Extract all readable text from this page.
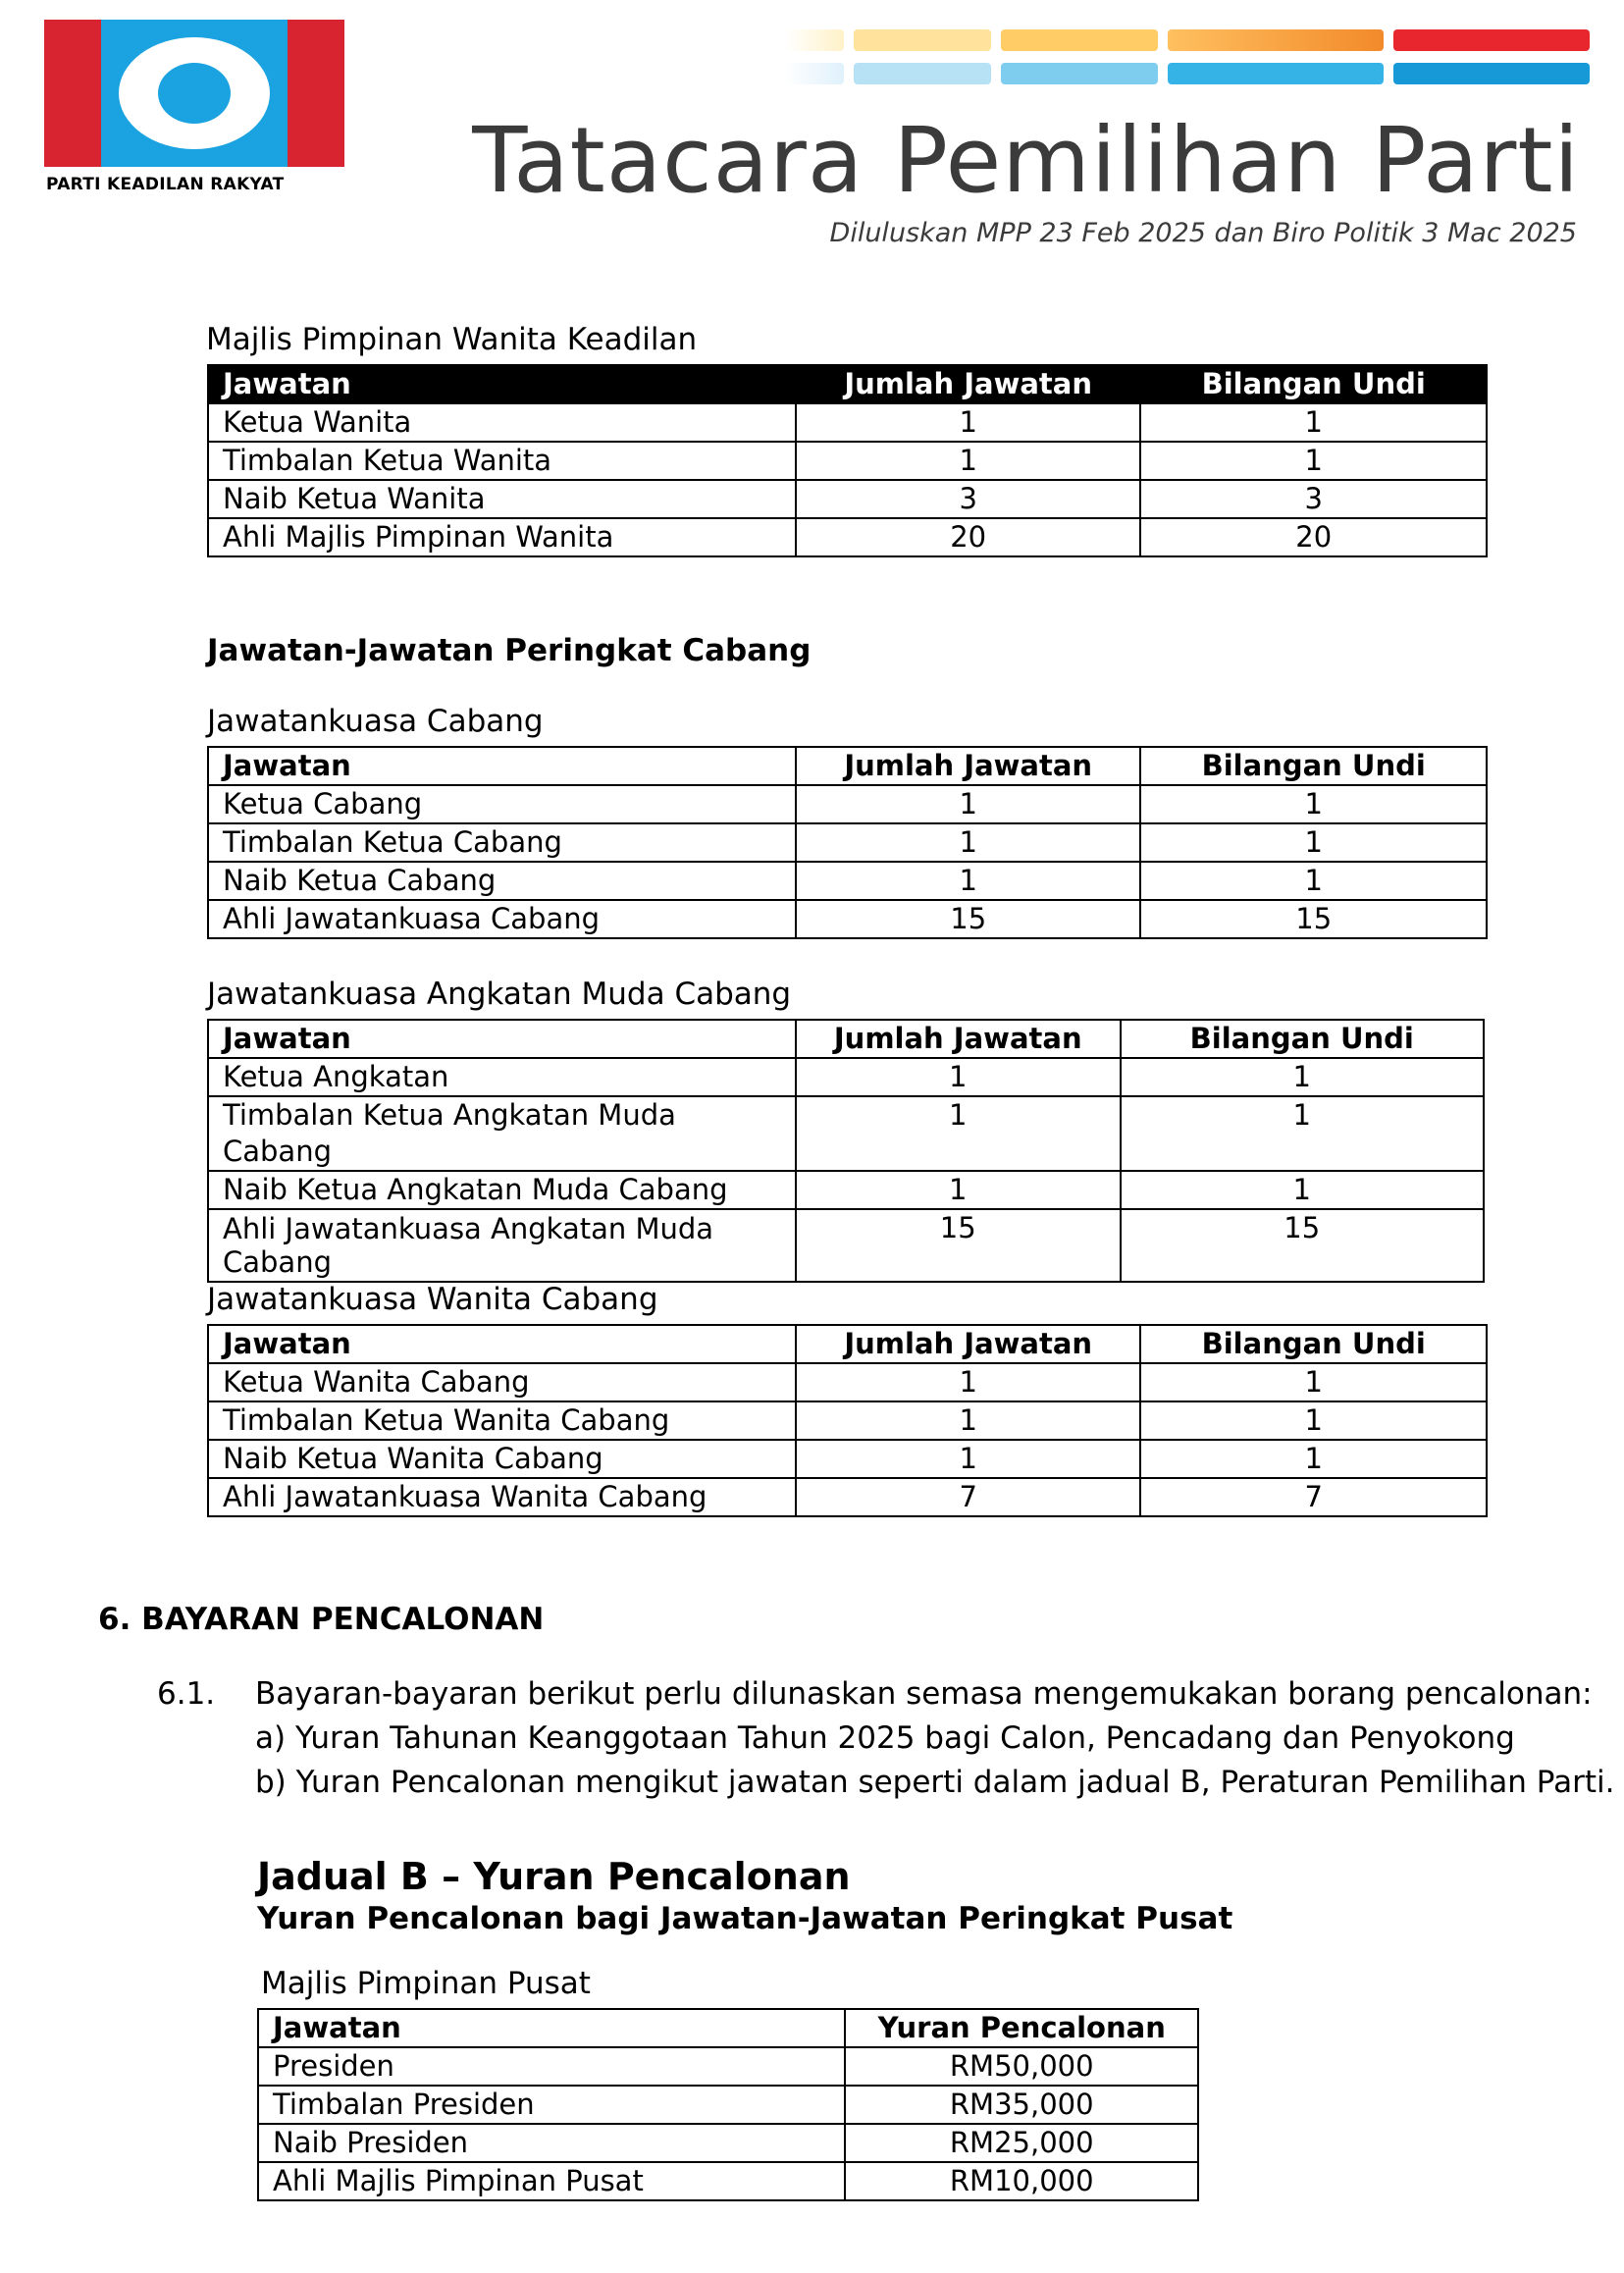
PARTI KEADILAN RAKYAT Tatacara Pemilihan Parti
Diluluskan MPP 23 Feb 2025 dan Biro Politik 3 Mac 2025
Majlis Pimpinan Wanita Keadilan
Jawatan	Jumlah Jawatan	Bilangan Undi
Ketua Wanita	1	1
Timbalan Ketua Wanita	1	1
Naib Ketua Wanita	3	3
Ahli Majlis Pimpinan Wanita	20	20
Jawatan-Jawatan Peringkat Cabang
Jawatankuasa Cabang
Jawatan	Jumlah Jawatan	Bilangan Undi
Ketua Cabang	1	1
Timbalan Ketua Cabang	1	1
Naib Ketua Cabang	1	1
Ahli Jawatankuasa Cabang	15	15
Jawatankuasa Angkatan Muda Cabang
Jawatan	Jumlah Jawatan	Bilangan Undi
Ketua Angkatan	1	1
Timbalan Ketua Angkatan Muda Cabang	1	1
Naib Ketua Angkatan Muda Cabang	1	1
Ahli Jawatankuasa Angkatan Muda
Cabang	15	15
Jawatankuasa Wanita Cabang
Jawatan	Jumlah Jawatan	Bilangan Undi
Ketua Wanita Cabang	1	1
Timbalan Ketua Wanita Cabang	1	1
Naib Ketua Wanita Cabang	1	1
Ahli Jawatankuasa Wanita Cabang	7	7
6. BAYARAN PENCALONAN
6.1. Bayaran-bayaran berikut perlu dilunaskan semasa mengemukakan borang pencalonan:
a) Yuran Tahunan Keanggotaan Tahun 2025 bagi Calon, Pencadang dan Penyokong
b) Yuran Pencalonan mengikut jawatan seperti dalam jadual B, Peraturan Pemilihan Parti.
Jadual B – Yuran Pencalonan
Yuran Pencalonan bagi Jawatan-Jawatan Peringkat Pusat
Majlis Pimpinan Pusat
Jawatan	Yuran Pencalonan
Presiden	RM50,000
Timbalan Presiden	RM35,000
Naib Presiden	RM25,000
Ahli Majlis Pimpinan Pusat	RM10,000
